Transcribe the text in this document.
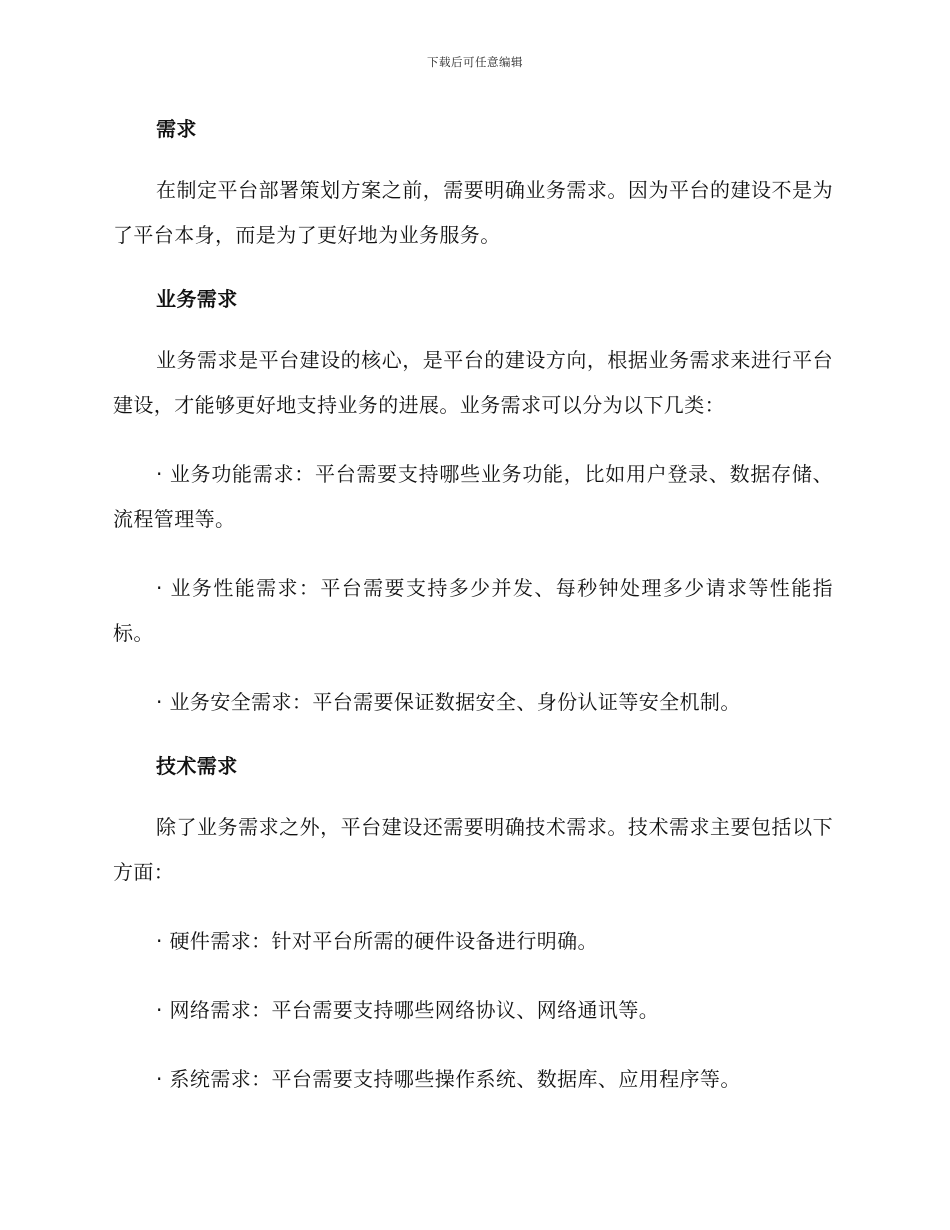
下载后可任意编辑
需求

在制定平台部署策划方案之前，需要明确业务需求。因为平台的建设不是为了平台本身，而是为了更好地为业务服务。

业务需求

业务需求是平台建设的核心，是平台的建设方向，根据业务需求来进行平台建设，才能够更好地支持业务的进展。业务需求可以分为以下几类：

· 业务功能需求：平台需要支持哪些业务功能，比如用户登录、数据存储、流程管理等。

· 业务性能需求：平台需要支持多少并发、每秒钟处理多少请求等性能指标。

· 业务安全需求：平台需要保证数据安全、身份认证等安全机制。

技术需求

除了业务需求之外，平台建设还需要明确技术需求。技术需求主要包括以下方面：

· 硬件需求：针对平台所需的硬件设备进行明确。

· 网络需求：平台需要支持哪些网络协议、网络通讯等。

· 系统需求：平台需要支持哪些操作系统、数据库、应用程序等。
